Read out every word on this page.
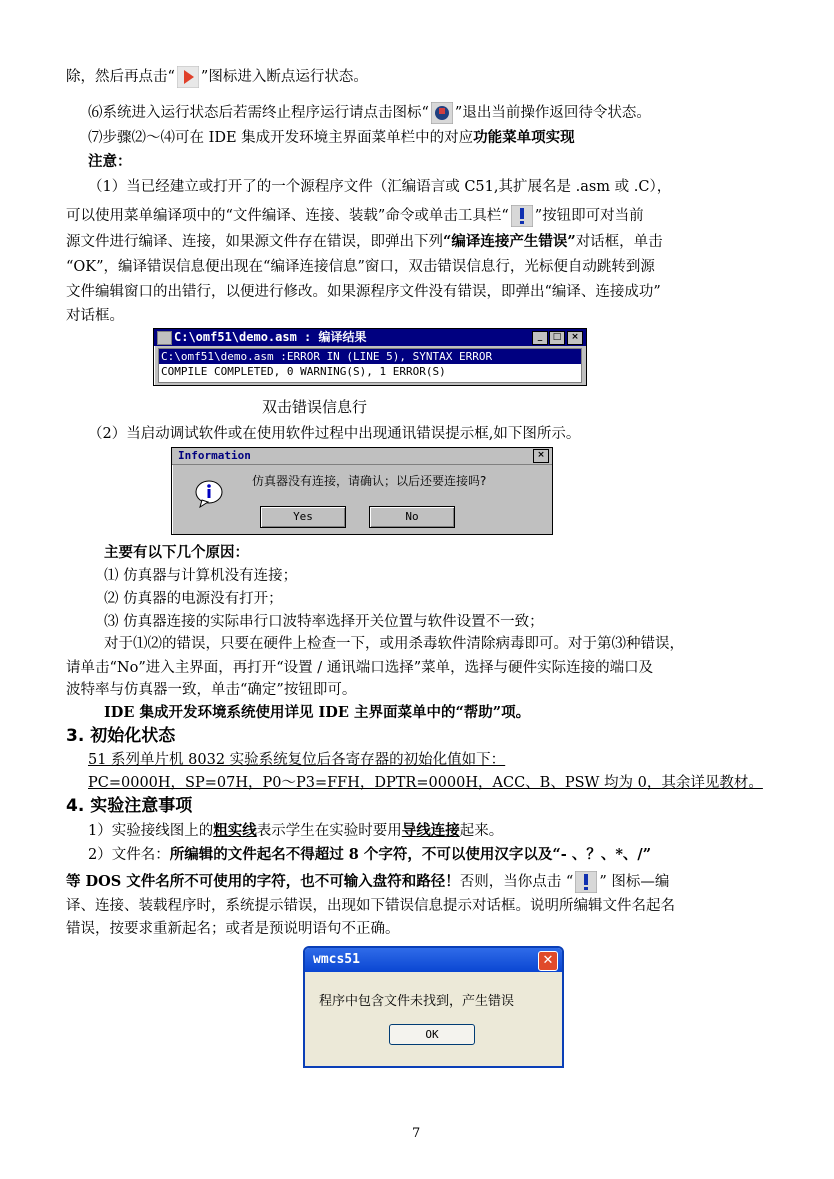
除，然后再点击“ ”图标进入断点运行状态。
⑹系统进入运行状态后若需终止程序运行请点击图标“ ”退出当前操作返回待令状态。
⑺步骤⑵～⑷可在 IDE 集成开发环境主界面菜单栏中的对应功能菜单项实现
注意：
（1）当已经建立或打开了的一个源程序文件（汇编语言或 C51,其扩展名是 .asm 或 .C），
可以使用菜单编译项中的“文件编译、连接、装载”命令或单击工具栏“ ”按钮即可对当前
源文件进行编译、连接，如果源文件存在错误，即弹出下列“编译连接产生错误”对话框，单击
“OK”，编译错误信息便出现在“编译连接信息”窗口，双击错误信息行，光标便自动跳转到源
文件编辑窗口的出错行，以便进行修改。如果源程序文件没有错误，即弹出“编译、连接成功”
对话框。
C:\omf51\demo.asm : 编译结果	_	□	×
C:\omf51\demo.asm :ERROR IN (LINE 5), SYNTAX ERROR
COMPILE COMPLETED, 0 WARNING(S), 1 ERROR(S)
双击错误信息行
（2）当启动调试软件或在使用软件过程中出现通讯错误提示框,如下图所示。
Information	×
仿真器没有连接，请确认；以后还要连接吗?
Yes	No
主要有以下几个原因：
⑴ 仿真器与计算机没有连接；
⑵ 仿真器的电源没有打开；
⑶ 仿真器连接的实际串行口波特率选择开关位置与软件设置不一致；
对于⑴⑵的错误，只要在硬件上检查一下，或用杀毒软件清除病毒即可。对于第⑶种错误，
请单击“No”进入主界面，再打开“设置 / 通讯端口选择”菜单，选择与硬件实际连接的端口及
波特率与仿真器一致，单击“确定”按钮即可。
IDE 集成开发环境系统使用详见 IDE 主界面菜单中的“帮助”项。
3. 初始化状态
51 系列单片机 8032 实验系统复位后各寄存器的初始化值如下：
PC=0000H，SP=07H，P0～P3=FFH，DPTR=0000H，ACC、B、PSW 均为 0，其余详见教材。
4. 实验注意事项
1）实验接线图上的粗实线表示学生在实验时要用导线连接起来。
2）文件名：所编辑的文件起名不得超过 8 个字符，不可以使用汉字以及“- 、？、*、/”
等 DOS 文件名所不可使用的字符，也不可输入盘符和路径！否则，当你点击 “ ” 图标—编
译、连接、装载程序时，系统提示错误，出现如下错误信息提示对话框。说明所编辑文件名起名
错误，按要求重新起名；或者是预说明语句不正确。
wmcs51	✕
程序中包含文件未找到，产生错误
OK
7
